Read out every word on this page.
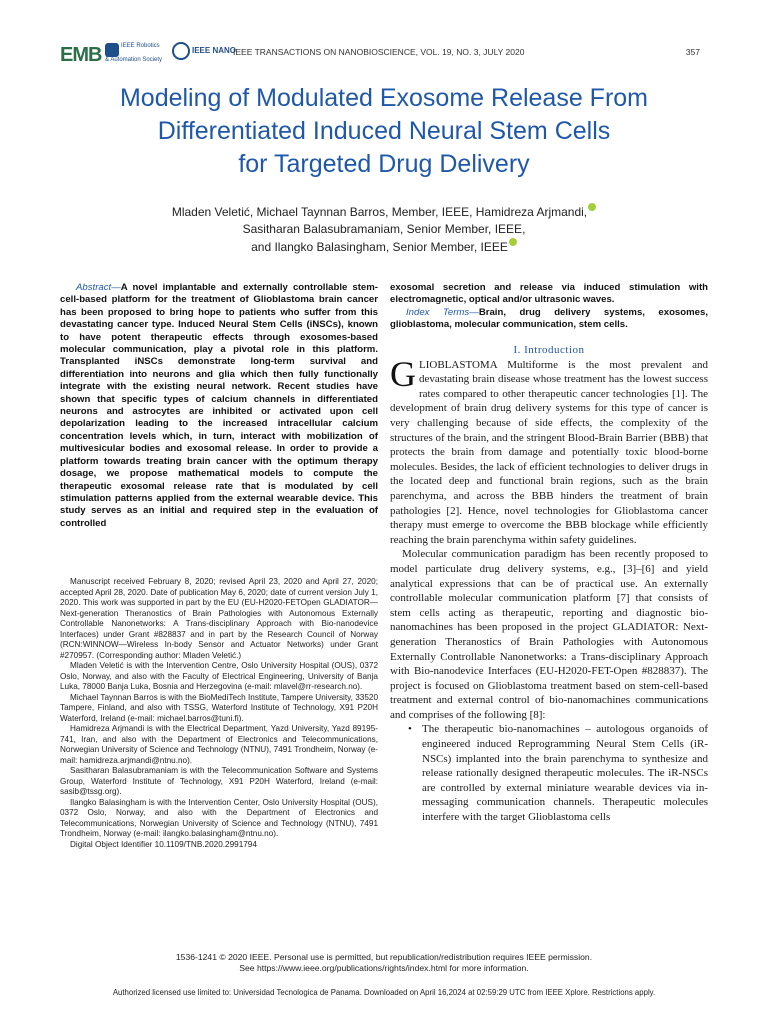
EMB	IEEE Robotics & Automation Society
IEEE NANO
IEEE TRANSACTIONS ON NANOBIOSCIENCE, VOL. 19, NO. 3, JULY 2020	357
Modeling of Modulated Exosome Release From
Differentiated Induced Neural Stem Cells
for Targeted Drug Delivery
Mladen Veletić, Michael Taynnan Barros, Member, IEEE, Hamidreza Arjmandi,
Sasitharan Balasubramaniam, Senior Member, IEEE,
and Ilangko Balasingham, Senior Member, IEEE

Abstract—A novel implantable and externally controllable stem-cell-based platform for the treatment of Glioblastoma brain cancer has been proposed to bring hope to patients who suffer from this devastating cancer type. Induced Neural Stem Cells (iNSCs), known to have potent therapeutic effects through exosomes-based molecular communication, play a pivotal role in this platform. Transplanted iNSCs demonstrate long-term survival and differentiation into neurons and glia which then fully functionally integrate with the existing neural network. Recent studies have shown that specific types of calcium channels in differentiated neurons and astrocytes are inhibited or activated upon cell depolarization leading to the increased intracellular calcium concentration levels which, in turn, interact with mobilization of multivesicular bodies and exosomal release. In order to provide a platform towards treating brain cancer with the optimum therapy dosage, we propose mathematical models to compute the therapeutic exosomal release rate that is modulated by cell stimulation patterns applied from the external wearable device. This study serves as an initial and required step in the evaluation of controlled

Manuscript received February 8, 2020; revised April 23, 2020 and April 27, 2020; accepted April 28, 2020. Date of publication May 6, 2020; date of current version July 1, 2020. This work was supported in part by the EU (EU-H2020-FETOpen GLADIATOR—Next-generation Theranostics of Brain Pathologies with Autonomous Externally Controllable Nanonetworks: A Trans-disciplinary Approach with Bio-nanodevice Interfaces) under Grant #828837 and in part by the Research Council of Norway (RCN:WINNOW—Wireless In-body Sensor and Actuator Networks) under Grant #270957. (Corresponding author: Mladen Veletić.)

Mladen Veletić is with the Intervention Centre, Oslo University Hospital (OUS), 0372 Oslo, Norway, and also with the Faculty of Electrical Engineering, University of Banja Luka, 78000 Banja Luka, Bosnia and Herzegovina (e-mail: mlavel@rr-research.no).

Michael Taynnan Barros is with the BioMediTech Institute, Tampere University, 33520 Tampere, Finland, and also with TSSG, Waterford Institute of Technology, X91 P20H Waterford, Ireland (e-mail: michael.barros@tuni.fi).

Hamidreza Arjmandi is with the Electrical Department, Yazd University, Yazd 89195-741, Iran, and also with the Department of Electronics and Telecommunications, Norwegian University of Science and Technology (NTNU), 7491 Trondheim, Norway (e-mail: hamidreza.arjmandi@ntnu.no).

Sasitharan Balasubramaniam is with the Telecommunication Software and Systems Group, Waterford Institute of Technology, X91 P20H Waterford, Ireland (e-mail: sasib@tssg.org).

Ilangko Balasingham is with the Intervention Center, Oslo University Hospital (OUS), 0372 Oslo, Norway, and also with the Department of Electronics and Telecommunications, Norwegian University of Science and Technology (NTNU), 7491 Trondheim, Norway (e-mail: ilangko.balasingham@ntnu.no).

Digital Object Identifier 10.1109/TNB.2020.2991794

exosomal secretion and release via induced stimulation with electromagnetic, optical and/or ultrasonic waves.

Index Terms—Brain, drug delivery systems, exosomes, glioblastoma, molecular communication, stem cells.

I. Introduction

GLIOBLASTOMA Multiforme is the most prevalent and devastating brain disease whose treatment has the lowest success rates compared to other therapeutic cancer technologies [1]. The development of brain drug delivery systems for this type of cancer is very challenging because of side effects, the complexity of the structures of the brain, and the stringent Blood-Brain Barrier (BBB) that protects the brain from damage and potentially toxic blood-borne molecules. Besides, the lack of efficient technologies to deliver drugs in the located deep and functional brain regions, such as the brain parenchyma, and across the BBB hinders the treatment of brain pathologies [2]. Hence, novel technologies for Glioblastoma cancer therapy must emerge to overcome the BBB blockage while efficiently reaching the brain parenchyma within safety guidelines.

Molecular communication paradigm has been recently proposed to model particulate drug delivery systems, e.g., [3]–[6] and yield analytical expressions that can be of practical use. An externally controllable molecular communication platform [7] that consists of stem cells acting as therapeutic, reporting and diagnostic bio-nanomachines has been proposed in the project GLADIATOR: Next-generation Theranostics of Brain Pathologies with Autonomous Externally Controllable Nanonetworks: a Trans-disciplinary Approach with Bio-nanodevice Interfaces (EU-H2020-FET-Open #828837). The project is focused on Glioblastoma treatment based on stem-cell-based treatment and external control of bio-nanomachines communications and comprises of the following [8]:

• The therapeutic bio-nanomachines – autologous organoids of engineered induced Reprogramming Neural Stem Cells (iR-NSCs) implanted into the brain parenchyma to synthesize and release rationally designed therapeutic molecules. The iR-NSCs are controlled by external miniature wearable devices via in-messaging communication channels. Therapeutic molecules interfere with the target Glioblastoma cells

1536-1241 © 2020 IEEE. Personal use is permitted, but republication/redistribution requires IEEE permission.
See https://www.ieee.org/publications/rights/index.html for more information.
Authorized licensed use limited to: Universidad Tecnologica de Panama. Downloaded on April 16,2024 at 02:59:29 UTC from IEEE Xplore. Restrictions apply.
